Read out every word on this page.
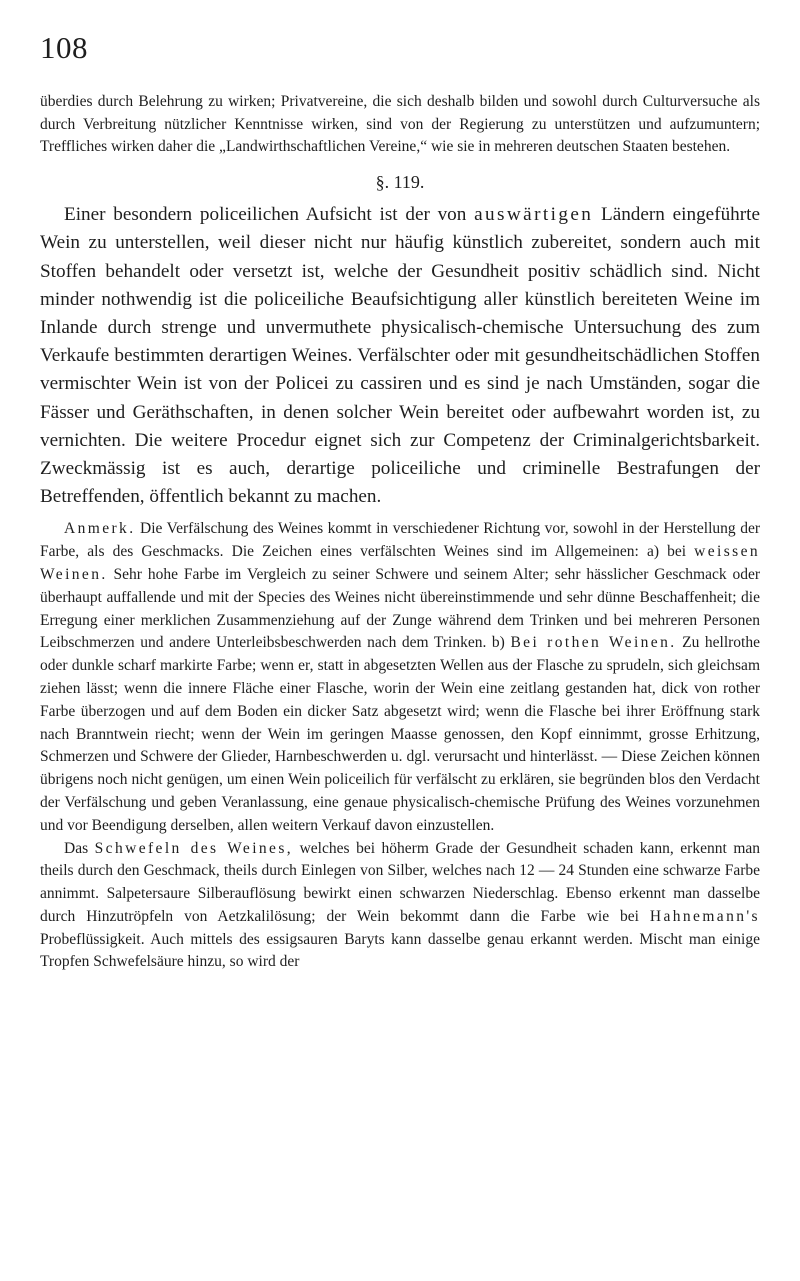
108

überdies durch Belehrung zu wirken; Privatvereine, die sich deshalb bilden und sowohl durch Culturversuche als durch Verbreitung nützlicher Kenntnisse wirken, sind von der Regierung zu unterstützen und aufzumuntern; Treffliches wirken daher die „Landwirthschaftlichen Vereine,“ wie sie in mehreren deutschen Staaten bestehen.

§. 119.

Einer besondern policeilichen Aufsicht ist der von auswärtigen Ländern eingeführte Wein zu unterstellen, weil dieser nicht nur häufig künstlich zubereitet, sondern auch mit Stoffen behandelt oder versetzt ist, welche der Gesundheit positiv schädlich sind. Nicht minder nothwendig ist die policeiliche Beaufsichtigung aller künstlich bereiteten Weine im Inlande durch strenge und unvermuthete physicalisch-chemische Untersuchung des zum Verkaufe bestimmten derartigen Weines. Verfälschter oder mit gesundheitschädlichen Stoffen vermischter Wein ist von der Policei zu cassiren und es sind je nach Umständen, sogar die Fässer und Geräthschaften, in denen solcher Wein bereitet oder aufbewahrt worden ist, zu vernichten. Die weitere Procedur eignet sich zur Competenz der Criminalgerichtsbarkeit. Zweckmässig ist es auch, derartige policeiliche und criminelle Bestrafungen der Betreffenden, öffentlich bekannt zu machen.

Anmerk. Die Verfälschung des Weines kommt in verschiedener Richtung vor, sowohl in der Herstellung der Farbe, als des Geschmacks. Die Zeichen eines verfälschten Weines sind im Allgemeinen: a) bei weissen Weinen. Sehr hohe Farbe im Vergleich zu seiner Schwere und seinem Alter; sehr hässlicher Geschmack oder überhaupt auffallende und mit der Species des Weines nicht übereinstimmende und sehr dünne Beschaffenheit; die Erregung einer merklichen Zusammenziehung auf der Zunge während dem Trinken und bei mehreren Personen Leibschmerzen und andere Unterleibsbeschwerden nach dem Trinken. b) Bei rothen Weinen. Zu hellrothe oder dunkle scharf markirte Farbe; wenn er, statt in abgesetzten Wellen aus der Flasche zu sprudeln, sich gleichsam ziehen lässt; wenn die innere Fläche einer Flasche, worin der Wein eine zeitlang gestanden hat, dick von rother Farbe überzogen und auf dem Boden ein dicker Satz abgesetzt wird; wenn die Flasche bei ihrer Eröffnung stark nach Branntwein riecht; wenn der Wein im geringen Maasse genossen, den Kopf einnimmt, grosse Erhitzung, Schmerzen und Schwere der Glieder, Harnbeschwerden u. dgl. verursacht und hinterlässt. — Diese Zeichen können übrigens noch nicht genügen, um einen Wein policeilich für verfälscht zu erklären, sie begründen blos den Verdacht der Verfälschung und geben Veranlassung, eine genaue physicalisch-chemische Prüfung des Weines vorzunehmen und vor Beendigung derselben, allen weitern Verkauf davon einzustellen.

Das Schwefeln des Weines, welches bei höherm Grade der Gesundheit schaden kann, erkennt man theils durch den Geschmack, theils durch Einlegen von Silber, welches nach 12 — 24 Stunden eine schwarze Farbe annimmt. Salpetersaure Silberauflösung bewirkt einen schwarzen Niederschlag. Ebenso erkennt man dasselbe durch Hinzutröpfeln von Aetzkalilösung; der Wein bekommt dann die Farbe wie bei Hahnemann's Probeflüssigkeit. Auch mittels des essigsauren Baryts kann dasselbe genau erkannt werden. Mischt man einige Tropfen Schwefelsäure hinzu, so wird der
